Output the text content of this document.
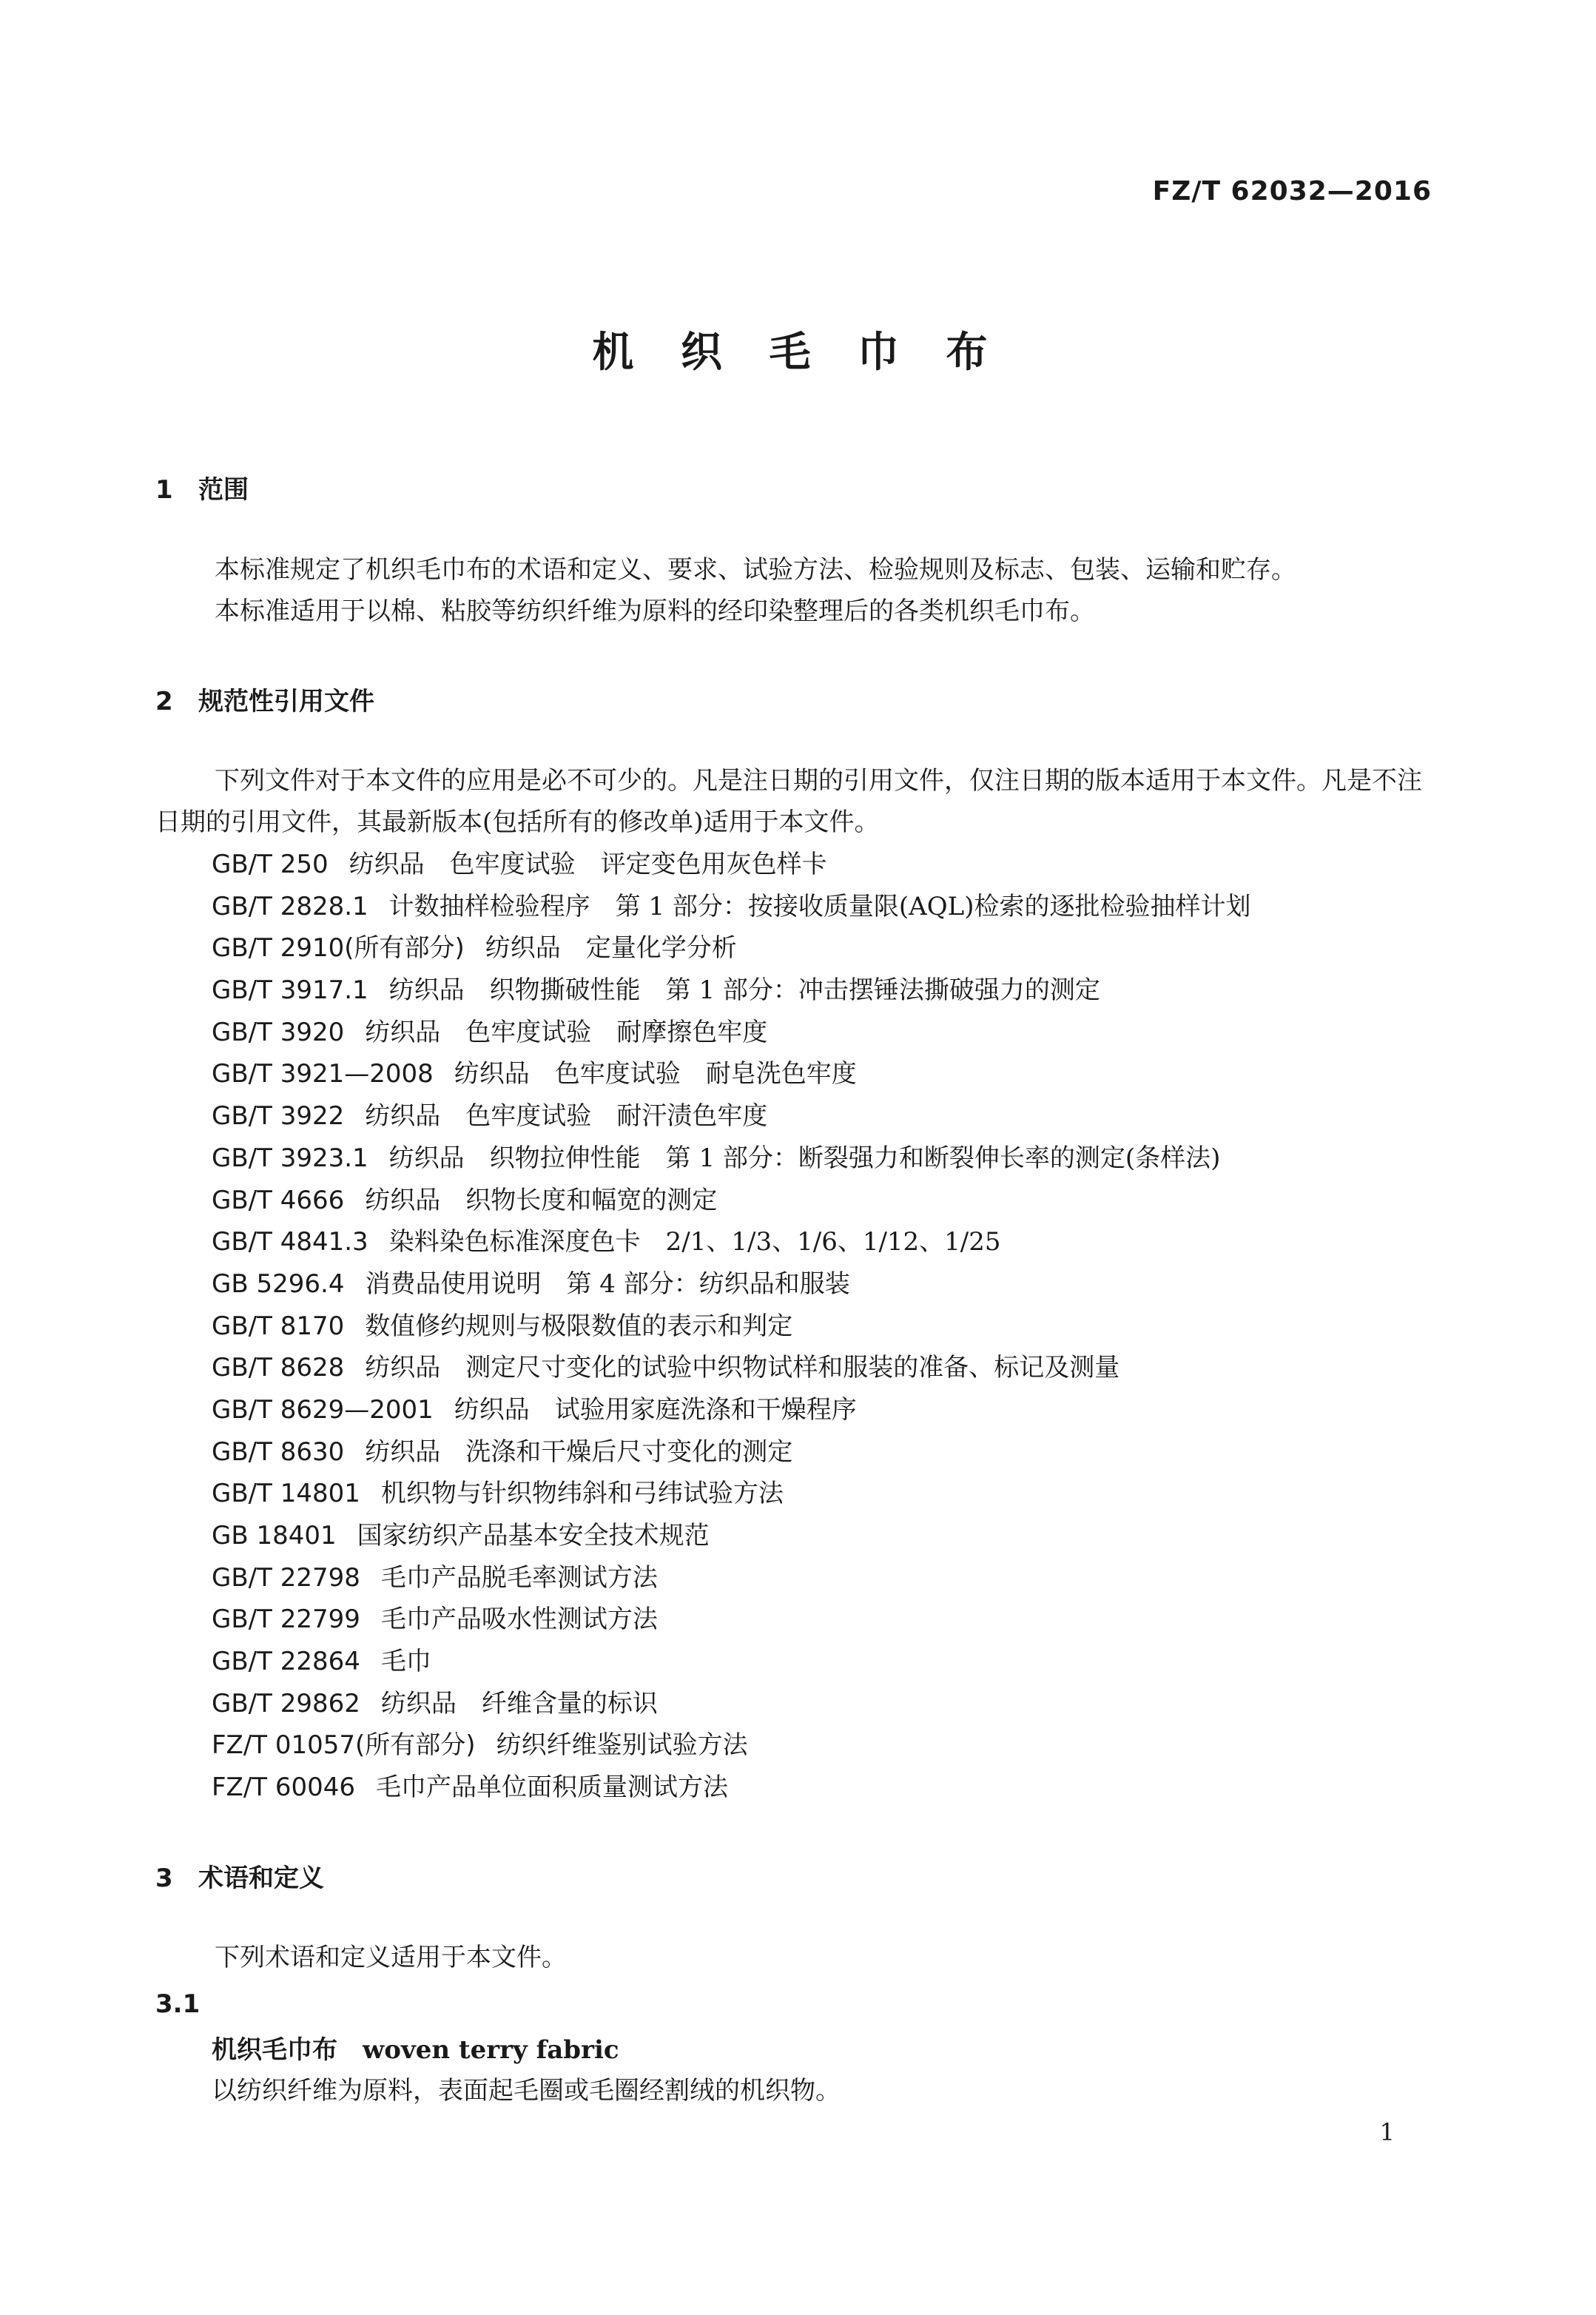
FZ/T 62032—2016
机 织 毛 巾 布
1 范围
本标准规定了机织毛巾布的术语和定义、要求、试验方法、检验规则及标志、包装、运输和贮存。
本标准适用于以棉、粘胶等纺织纤维为原料的经印染整理后的各类机织毛巾布。
2 规范性引用文件
下列文件对于本文件的应用是必不可少的。凡是注日期的引用文件，仅注日期的版本适用于本文件。凡是不注日期的引用文件，其最新版本(包括所有的修改单)适用于本文件。
GB/T 250 纺织品　色牢度试验　评定变色用灰色样卡
GB/T 2828.1 计数抽样检验程序　第 1 部分：按接收质量限(AQL)检索的逐批检验抽样计划
GB/T 2910(所有部分) 纺织品　定量化学分析
GB/T 3917.1 纺织品　织物撕破性能　第 1 部分：冲击摆锤法撕破强力的测定
GB/T 3920 纺织品　色牢度试验　耐摩擦色牢度
GB/T 3921—2008 纺织品　色牢度试验　耐皂洗色牢度
GB/T 3922 纺织品　色牢度试验　耐汗渍色牢度
GB/T 3923.1 纺织品　织物拉伸性能　第 1 部分：断裂强力和断裂伸长率的测定(条样法)
GB/T 4666 纺织品　织物长度和幅宽的测定
GB/T 4841.3 染料染色标准深度色卡　2/1、1/3、1/6、1/12、1/25
GB 5296.4 消费品使用说明　第 4 部分：纺织品和服装
GB/T 8170 数值修约规则与极限数值的表示和判定
GB/T 8628 纺织品　测定尺寸变化的试验中织物试样和服装的准备、标记及测量
GB/T 8629—2001 纺织品　试验用家庭洗涤和干燥程序
GB/T 8630 纺织品　洗涤和干燥后尺寸变化的测定
GB/T 14801 机织物与针织物纬斜和弓纬试验方法
GB 18401 国家纺织产品基本安全技术规范
GB/T 22798 毛巾产品脱毛率测试方法
GB/T 22799 毛巾产品吸水性测试方法
GB/T 22864 毛巾
GB/T 29862 纺织品　纤维含量的标识
FZ/T 01057(所有部分) 纺织纤维鉴别试验方法
FZ/T 60046 毛巾产品单位面积质量测试方法
3 术语和定义
下列术语和定义适用于本文件。
3.1
机织毛巾布 woven terry fabric
以纺织纤维为原料，表面起毛圈或毛圈经割绒的机织物。
1
